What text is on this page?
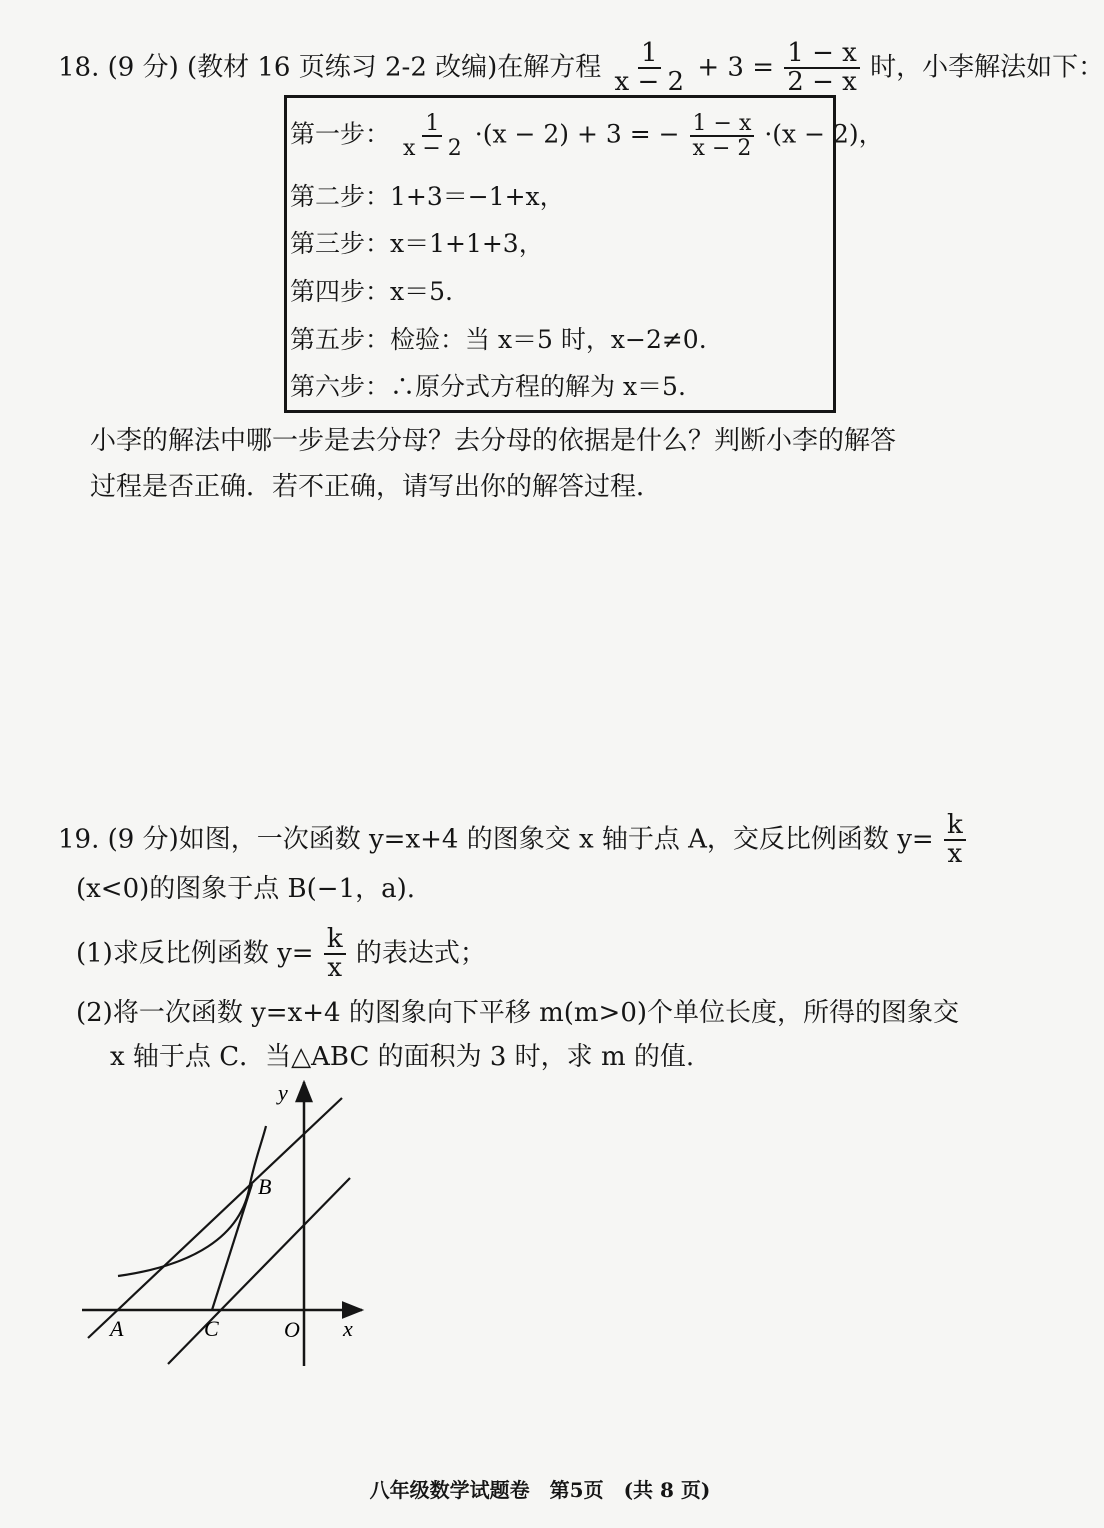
18. (9 分) (教材 16 页练习 2-2 改编)在解方程 $\frac{1}{x - 2} + 3 = \frac{1 - x}{2 - x}$ 时，小李解法如下：
第一步： $\frac{1}{x - 2} \cdot(x - 2) + 3$ = − $\frac{1 - x}{x - 2} \cdot(x - 2)$，
第二步：1+3＝−1+x，
第三步：x＝1+1+3，
第四步：x＝5.
第五步：检验：当 x＝5 时，x−2≠0.
第六步：∴原分式方程的解为 x＝5.
小李的解法中哪一步是去分母？去分母的依据是什么？判断小李的解答
过程是否正确．若不正确，请写出你的解答过程．
19. (9 分)如图，一次函数 y=x+4 的图象交 x 轴于点 A，交反比例函数 $y= \frac{k}{x}$
(x<0)的图象于点 B(−1，a).
(1)求反比例函数 $y= \frac{k}{x}$ 的表达式；
(2)将一次函数 y=x+4 的图象向下平移 m(m>0)个单位长度，所得的图象交
x 轴于点 C．当△ABC 的面积为 3 时，求 m 的值.
y
x
O
A
B
C
八年级数学试题卷　第5页　(共 8 页)
